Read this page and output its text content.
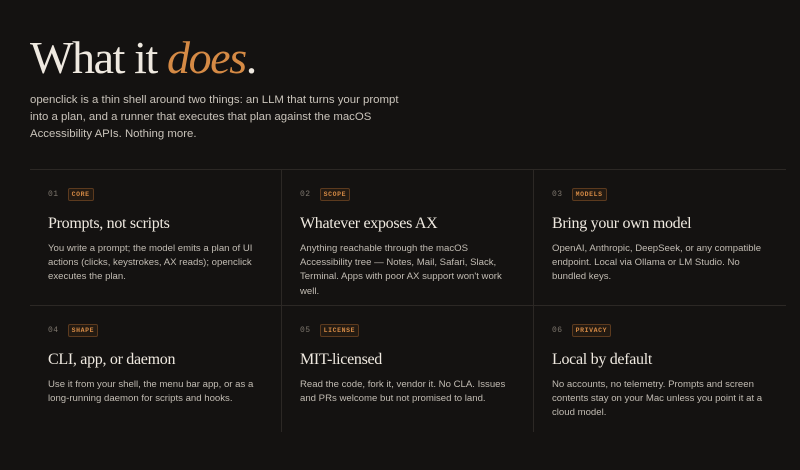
What it does.

openclick is a thin shell around two things: an LLM that turns your prompt into a plan, and a runner that executes that plan against the macOS Accessibility APIs. Nothing more.

01	CORE
Prompts, not scripts

You write a prompt; the model emits a plan of UI actions (clicks, keystrokes, AX reads); openclick executes the plan.

02	SCOPE
Whatever exposes AX

Anything reachable through the macOS Accessibility tree — Notes, Mail, Safari, Slack, Terminal. Apps with poor AX support won't work well.

03	MODELS
Bring your own model

OpenAI, Anthropic, DeepSeek, or any compatible endpoint. Local via Ollama or LM Studio. No bundled keys.

04	SHAPE
CLI, app, or daemon

Use it from your shell, the menu bar app, or as a long-running daemon for scripts and hooks.

05	LICENSE
MIT-licensed

Read the code, fork it, vendor it. No CLA. Issues and PRs welcome but not promised to land.

06	PRIVACY
Local by default

No accounts, no telemetry. Prompts and screen contents stay on your Mac unless you point it at a cloud model.
